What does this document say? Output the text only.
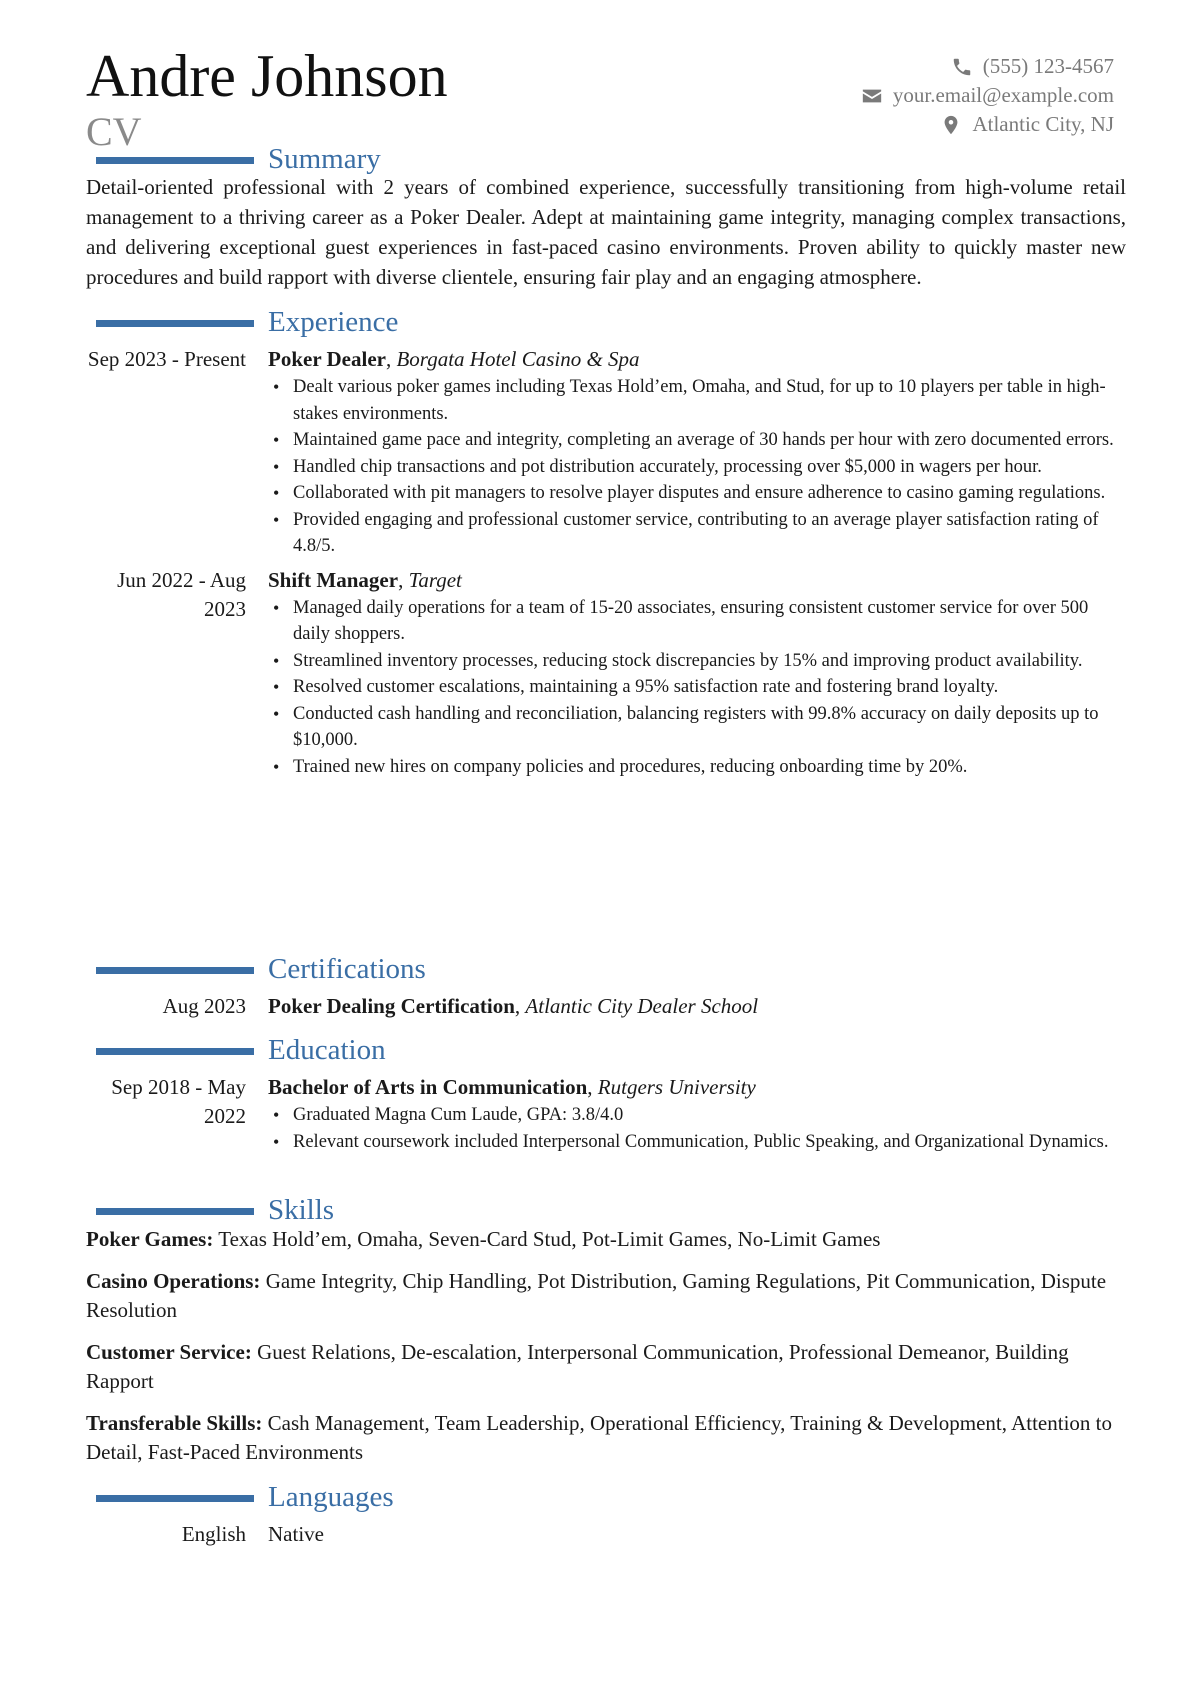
Andre Johnson
CV
(555) 123-4567
your.email@example.com
Atlantic City, NJ
Summary

Detail-oriented professional with 2 years of combined experience, successfully transitioning from high-volume retail management to a thriving career as a Poker Dealer. Adept at maintaining game integrity, managing complex transactions, and delivering exceptional guest experiences in fast-paced casino environments. Proven ability to quickly master new procedures and build rapport with diverse clientele, ensuring fair play and an engaging atmosphere.

Experience
Sep 2023 - Present Poker Dealer, Borgata Hotel Casino & Spa
• Dealt various poker games including Texas Hold’em, Omaha, and Stud, for up to 10 players per table in high-stakes environments.
• Maintained game pace and integrity, completing an average of 30 hands per hour with zero documented errors.
• Handled chip transactions and pot distribution accurately, processing over $5,000 in wagers per hour.
• Collaborated with pit managers to resolve player disputes and ensure adherence to casino gaming regulations.
• Provided engaging and professional customer service, contributing to an average player satisfaction rating of 4.8/5.
Jun 2022 - Aug 2023
Shift Manager, Target
• Managed daily operations for a team of 15-20 associates, ensuring consistent customer service for over 500 daily shoppers.
• Streamlined inventory processes, reducing stock discrepancies by 15% and improving product availability.
• Resolved customer escalations, maintaining a 95% satisfaction rate and fostering brand loyalty.
• Conducted cash handling and reconciliation, balancing registers with 99.8% accuracy on daily deposits up to $10,000.
• Trained new hires on company policies and procedures, reducing onboarding time by 20%.
Certifications
Aug 2023 Poker Dealing Certification, Atlantic City Dealer School
Education
Sep 2018 - May 2022
Bachelor of Arts in Communication, Rutgers University
• Graduated Magna Cum Laude, GPA: 3.8/4.0
• Relevant coursework included Interpersonal Communication, Public Speaking, and Organizational Dynamics.
Skills

Poker Games: Texas Hold’em, Omaha, Seven-Card Stud, Pot-Limit Games, No-Limit Games

Casino Operations: Game Integrity, Chip Handling, Pot Distribution, Gaming Regulations, Pit Communication, Dispute Resolution

Customer Service: Guest Relations, De-escalation, Interpersonal Communication, Professional Demeanor, Building Rapport

Transferable Skills: Cash Management, Team Leadership, Operational Efficiency, Training & Development, Attention to Detail, Fast-Paced Environments

Languages
English Native
